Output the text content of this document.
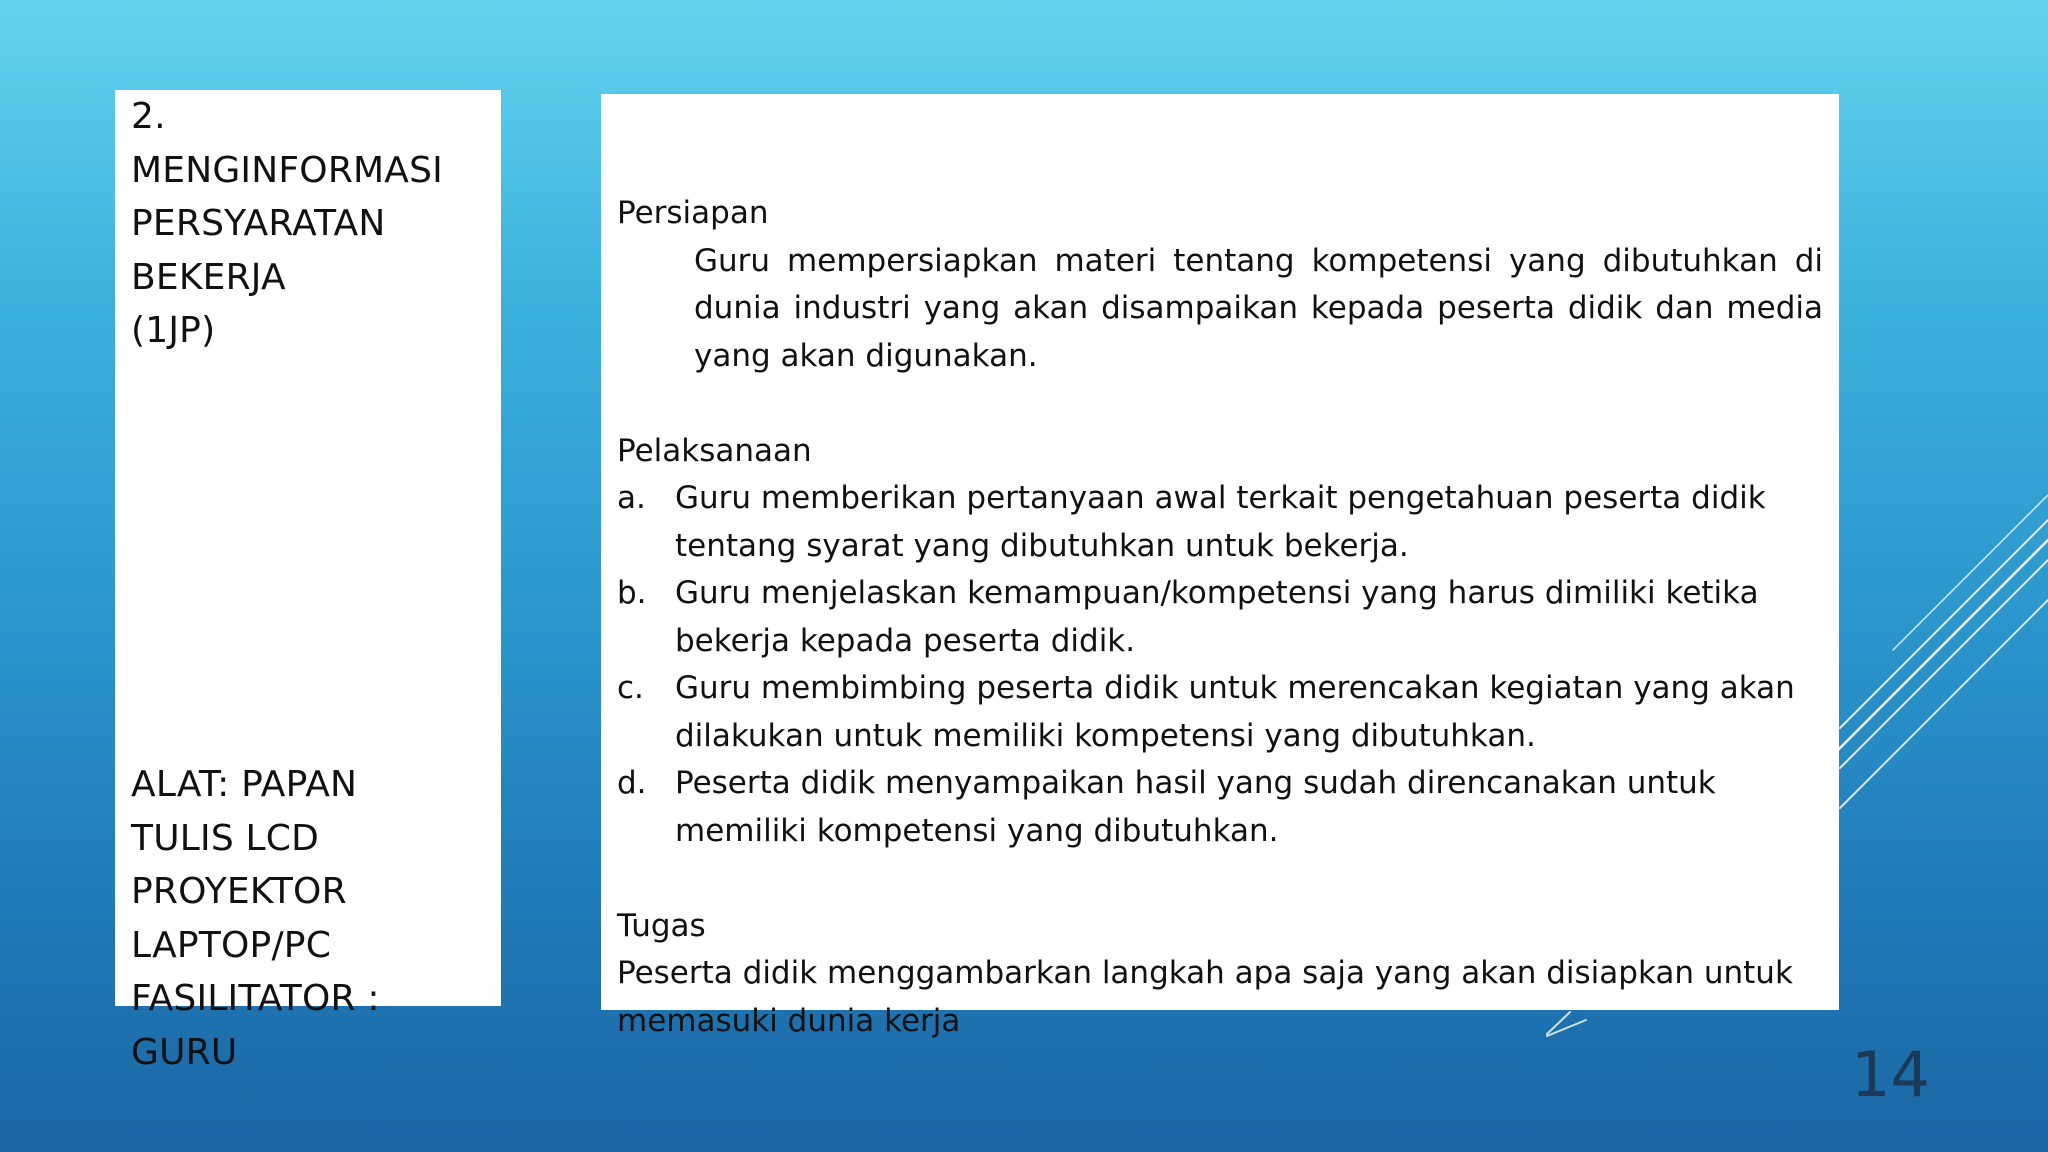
2.
MENGINFORMASI
PERSYARATAN
BEKERJA
(1JP)
ALAT: PAPAN
TULIS LCD
PROYEKTOR
LAPTOP/PC
FASILITATOR :
GURU
Persiapan
Guru mempersiapkan materi tentang kompetensi yang dibutuhkan di dunia industri yang akan disampaikan kepada peserta didik dan media yang akan digunakan.
Pelaksanaan
a. Guru memberikan pertanyaan awal terkait pengetahuan peserta didik tentang syarat yang dibutuhkan untuk bekerja.
b. Guru menjelaskan kemampuan/kompetensi yang harus dimiliki ketika bekerja kepada peserta didik.
c. Guru membimbing peserta didik untuk merencakan kegiatan yang akan dilakukan untuk memiliki kompetensi yang dibutuhkan.
d. Peserta didik menyampaikan hasil yang sudah direncanakan untuk memiliki kompetensi yang dibutuhkan.
Tugas
Peserta didik menggambarkan langkah apa saja yang akan disiapkan untuk memasuki dunia kerja
14
